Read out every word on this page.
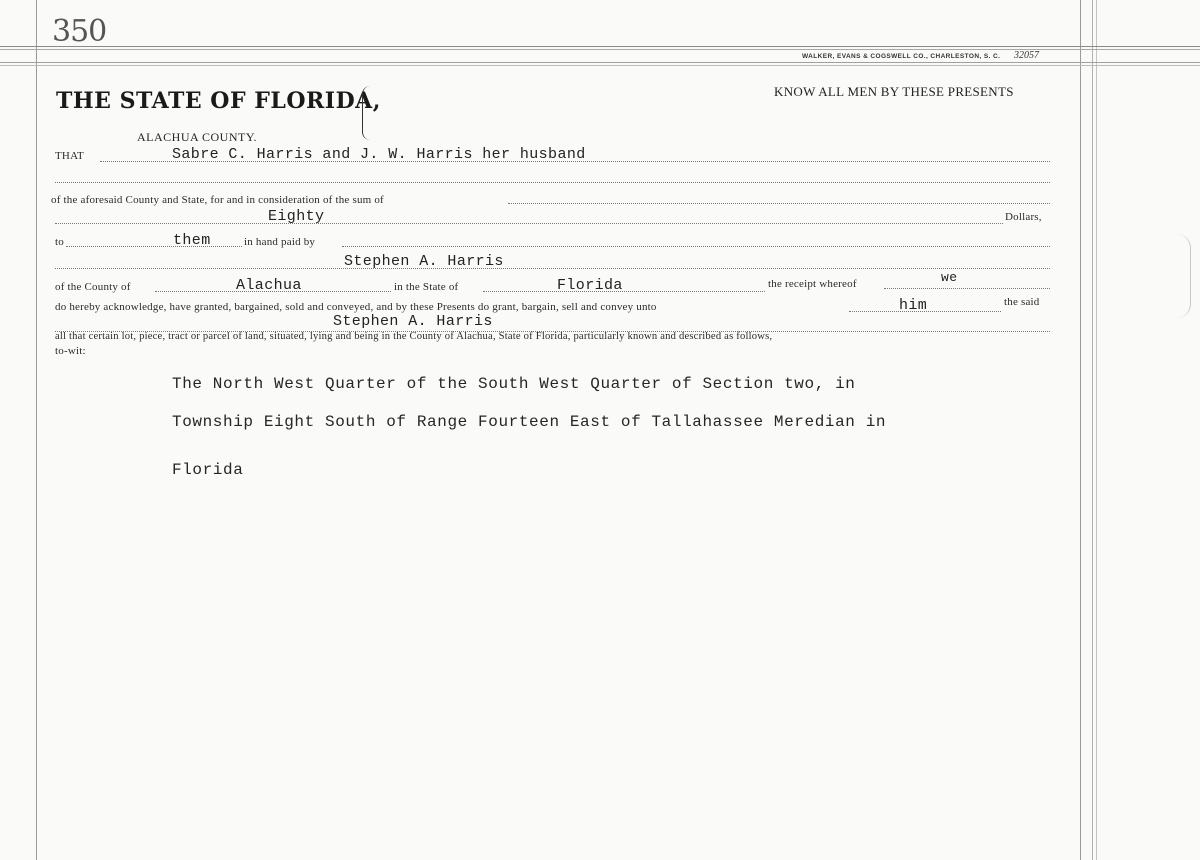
350
WALKER, EVANS & COGSWELL CO., CHARLESTON, S. C. 32057
THE STATE OF FLORIDA,
ALACHUA COUNTY.
KNOW ALL MEN BY THESE PRESENTS
THAT	Sabre C. Harris and J. W. Harris her husband
of the aforesaid County and State, for and in consideration of the sum of
Eighty	Dollars,
to	them	in hand paid by
Stephen A. Harris
of the County of	Alachua	in the State of	Florida	the receipt whereof	we
do hereby acknowledge, have granted, bargained, sold and conveyed, and by these Presents do grant, bargain, sell and convey unto	him	the said
Stephen A. Harris
all that certain lot, piece, tract or parcel of land, situated, lying and being in the County of Alachua, State of Florida, particularly known and described as follows,
to-wit:
The North West Quarter of the South West Quarter of Section two, in
Township Eight South of Range Fourteen East of Tallahassee Meredian in
Florida
